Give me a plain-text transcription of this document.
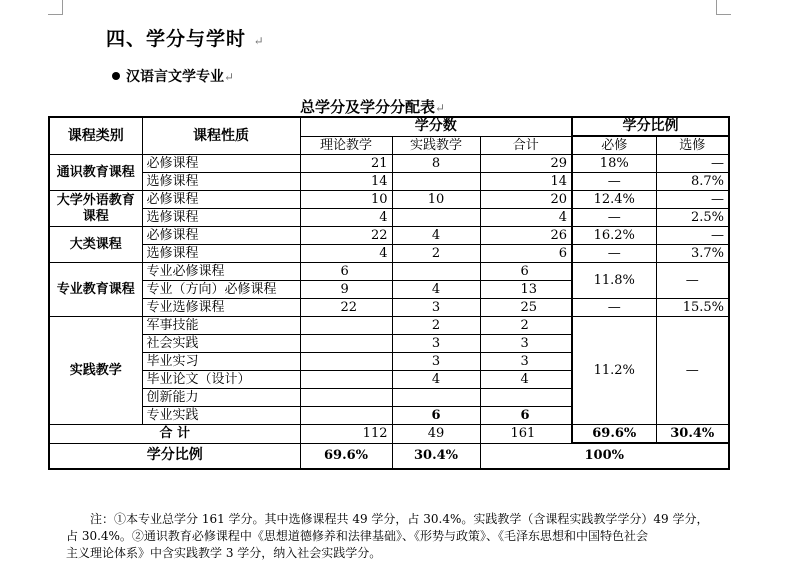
四、学分与学时 ↵
汉语言文学专业↵
总学分及学分分配表↵
课程类别	课程性质	学分数			学分比例	
		理论教学	实践教学	合计	必修	选修
通识教育课程	必修课程	21	8	29	18%	—
	选修课程	14		14	—	8.7%
大学外语教育课程	必修课程	10	10	20	12.4%	—
	选修课程	4		4	—	2.5%
大类课程	必修课程	22	4	26	16.2%	—
	选修课程	4	2	6	—	3.7%
专业教育课程	专业必修课程	6		6	11.8%	—
	专业（方向）必修课程	9	4	13		
	专业选修课程	22	3	25	—	15.5%
实践教学	军事技能		2	2	11.2%	—
	社会实践		3	3		
	毕业实习		3	3		
	毕业论文（设计）		4	4		
	创新能力					
	专业实践		6	6		
合 计		112	49	161	69.6%	30.4%
学分比例		69.6%	30.4%	100%		
注：①本专业总学分 161 学分。其中选修课程共 49 学分，占 30.4%。实践教学（含课程实践教学学分）49 学分，
占 30.4%。②通识教育必修课程中《思想道德修养和法律基础》、《形势与政策》、《毛泽东思想和中国特色社会
主义理论体系》中含实践教学 3 学分，纳入社会实践学分。
